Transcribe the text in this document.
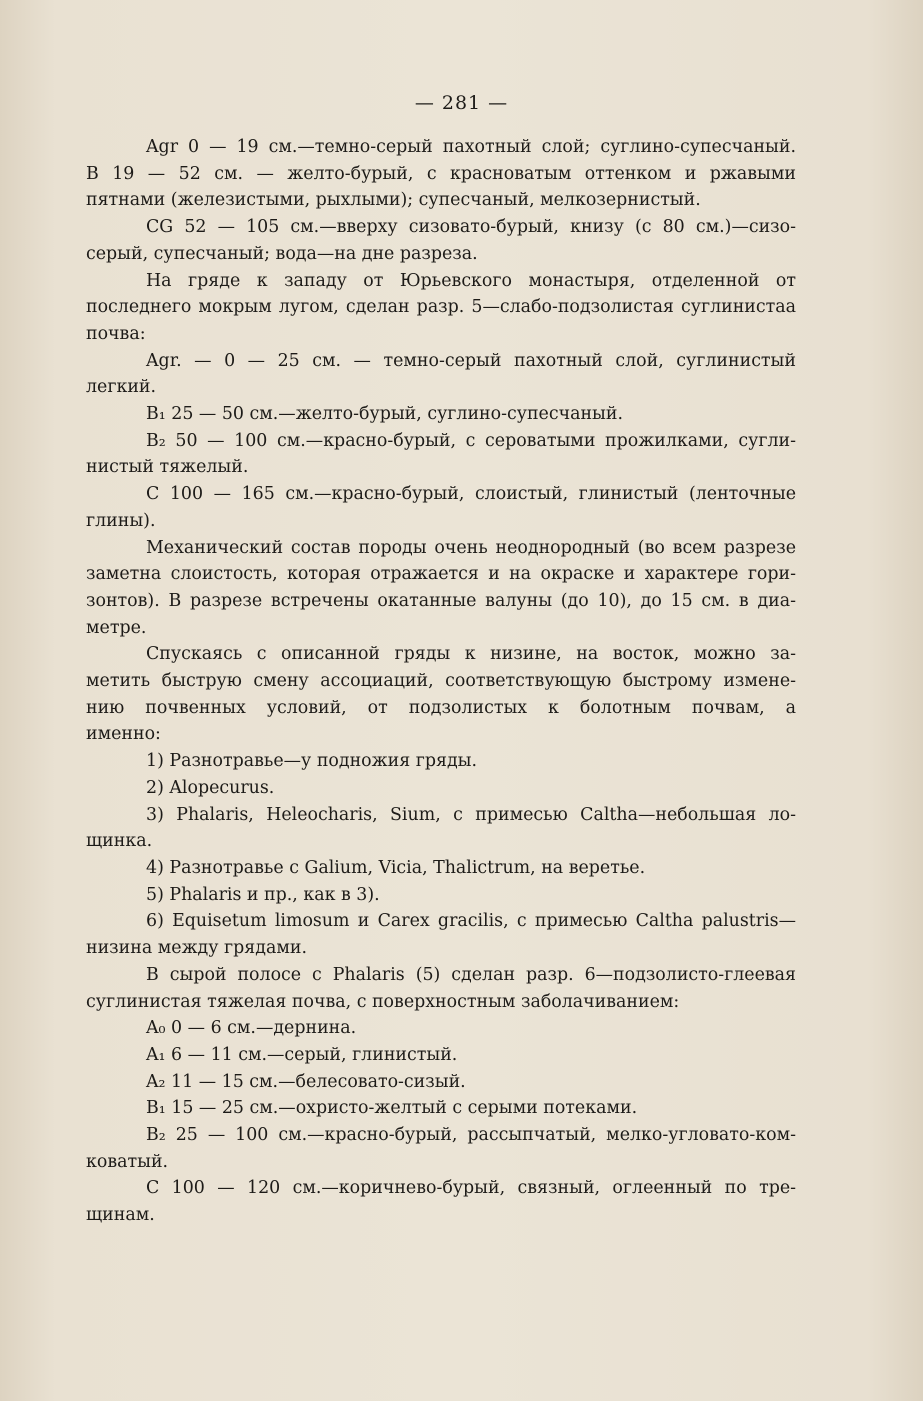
— 281 —
Agr 0 — 19 см.—темно-серый пахотный слой; суглино-супесчаный.
В 19 — 52 см. — желто-бурый, с красноватым оттенком и ржавыми
пятнами (железистыми, рыхлыми); супесчаный, мелкозернистый.
CG 52 — 105 см.—вверху сизовато-бурый, книзу (с 80 см.)—сизо-
серый, супесчаный; вода—на дне разреза.
На гряде к западу от Юрьевского монастыря, отделенной от
последнего мокрым лугом, сделан разр. 5—слабо-подзолистая суглинистаа
почва:
Agr. — 0 — 25 см. — темно-серый пахотный слой, суглинистый
легкий.
B₁ 25 — 50 см.—желто-бурый, суглино-супесчаный.
B₂ 50 — 100 см.—красно-бурый, с сероватыми прожилками, сугли-
нистый тяжелый.
С 100 — 165 см.—красно-бурый, слоистый, глинистый (ленточные
глины).
Механический состав породы очень неоднородный (во всем разрезе
заметна слоистость, которая отражается и на окраске и характере гори-
зонтов). В разрезе встречены окатанные валуны (до 10), до 15 см. в диа-
метре.
Спускаясь с описанной гряды к низине, на восток, можно за-
метить быструю смену ассоциаций, соответствующую быстрому измене-
нию почвенных условий, от подзолистых к болотным почвам, а
именно:
1) Разнотравье—у подножия гряды.
2) Alopecurus.
3) Phalaris, Heleocharis, Sium, с примесью Caltha—небольшая ло-
щинка.
4) Разнотравье с Galium, Vicia, Thalictrum, на веретье.
5) Phalaris и пр., как в 3).
6) Equisetum limosum и Carex gracilis, с примесью Caltha palustris—
низина между грядами.
В сырой полосе с Phalaris (5) сделан разр. 6—подзолисто-глеевая
суглинистая тяжелая почва, с поверхностным заболачиванием:
A₀ 0 — 6 см.—дернина.
A₁ 6 — 11 см.—серый, глинистый.
A₂ 11 — 15 см.—белесовато-сизый.
B₁ 15 — 25 см.—охристо-желтый с серыми потеками.
B₂ 25 — 100 см.—красно-бурый, рассыпчатый, мелко-угловато-ком-
коватый.
С 100 — 120 см.—коричнево-бурый, связный, оглеенный по тре-
щинам.
